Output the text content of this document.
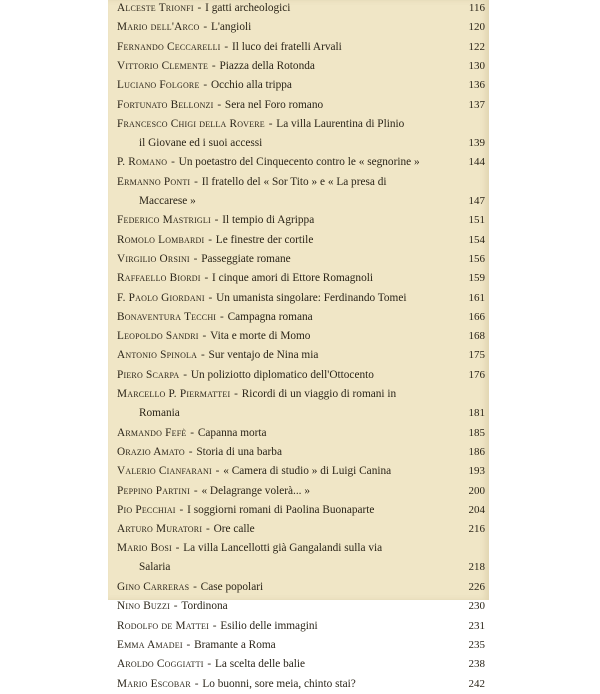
Alceste Trionfi - I gatti archeologici	116
Mario dell'Arco - L'angioli	120
Fernando Ceccarelli - Il luco dei fratelli Arvali	122
Vittorio Clemente - Piazza della Rotonda	130
Luciano Folgore - Occhio alla trippa	136
Fortunato Bellonzi - Sera nel Foro romano	137
Francesco Chigi della Rovere - La villa Laurentina di Plinio
il Giovane ed i suoi accessi	139
P. Romano - Un poetastro del Cinquecento contro le « segnorine »	144
Ermanno Ponti - Il fratello del « Sor Tito » e « La presa di
Maccarese »	147
Federico Mastrigli - Il tempio di Agrippa	151
Romolo Lombardi - Le finestre der cortile	154
Virgilio Orsini - Passeggiate romane	156
Raffaello Biordi - I cinque amori di Ettore Romagnoli	159
F. Paolo Giordani - Un umanista singolare: Ferdinando Tomei	161
Bonaventura Tecchi - Campagna romana	166
Leopoldo Sandri - Vita e morte di Momo	168
Antonio Spinola - Sur ventajo de Nina mia	175
Piero Scarpa - Un poliziotto diplomatico dell'Ottocento	176
Marcello P. Piermattei - Ricordi di un viaggio di romani in
Romania	181
Armando Fefè - Capanna morta	185
Orazio Amato - Storia di una barba	186
Valerio Cianfarani - « Camera di studio » di Luigi Canina	193
Peppino Partini - « Delagrange volerà... »	200
Pio Pecchiai - I soggiorni romani di Paolina Buonaparte	204
Arturo Muratori - Ore calle	216
Mario Bosi - La villa Lancellotti già Gangalandi sulla via
Salaria	218
Gino Carreras - Case popolari	226
Nino Buzzi - Tordinona	230
Rodolfo de Mattei - Esilio delle immagini	231
Emma Amadei - Bramante a Roma	235
Aroldo Coggiatti - La scelta delle balie	238
Mario Escobar - Lo buonni, sore meia, chinto stai?	242
